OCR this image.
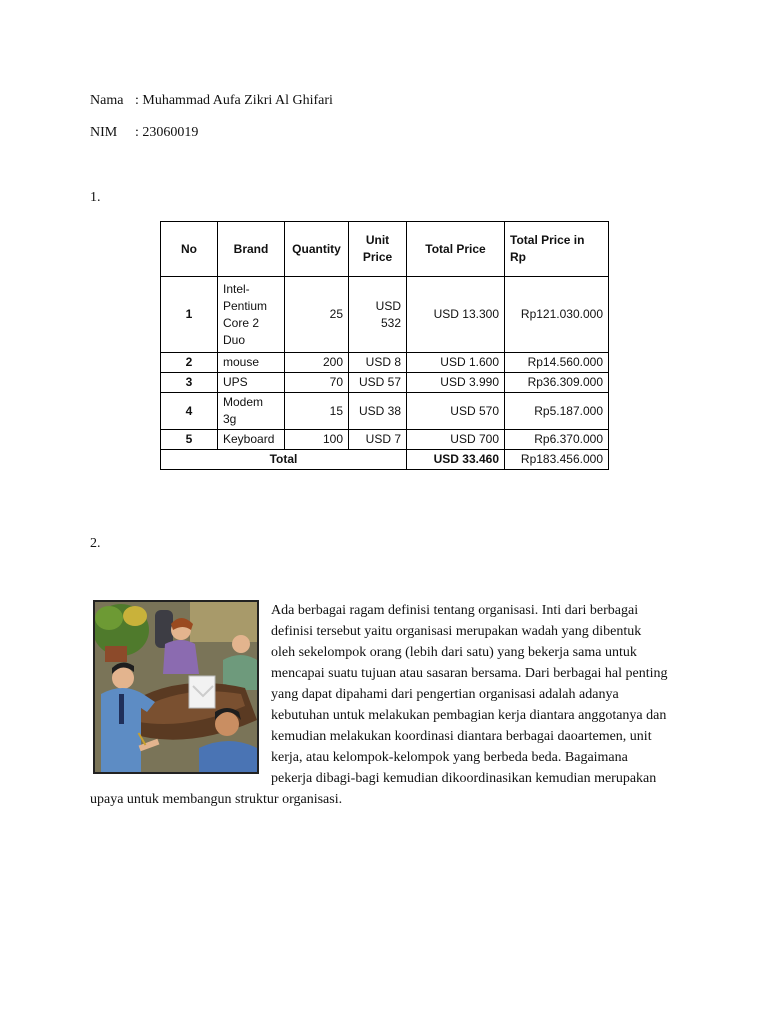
Nama : Muhammad Aufa Zikri Al Ghifari
NIM : 23060019
1.
No	Brand	Quantity	Unit Price	Total Price	Total Price in Rp
1	Intel-Pentium Core 2 Duo	25	USD 532	USD 13.300	Rp121.030.000
2	mouse	200	USD 8	USD 1.600	Rp14.560.000
3	UPS	70	USD 57	USD 3.990	Rp36.309.000
4	Modem 3g	15	USD 38	USD 570	Rp5.187.000
5	Keyboard	100	USD 7	USD 700	Rp6.370.000
Total				USD 33.460	Rp183.456.000
2.
Ada berbagai ragam definisi tentang organisasi. Inti dari berbagai definisi tersebut yaitu organisasi merupakan wadah yang dibentuk oleh sekelompok orang (lebih dari satu) yang bekerja sama untuk mencapai suatu tujuan atau sasaran bersama. Dari berbagai hal penting yang dapat dipahami dari pengertian organisasi adalah adanya kebutuhan untuk melakukan pembagian kerja diantara anggotanya dan kemudian melakukan koordinasi diantara berbagai daoartemen, unit kerja, atau kelompok-kelompok yang berbeda beda. Bagaimana pekerja dibagi-bagi kemudian dikoordinasikan kemudian merupakan upaya untuk membangun struktur organisasi.
